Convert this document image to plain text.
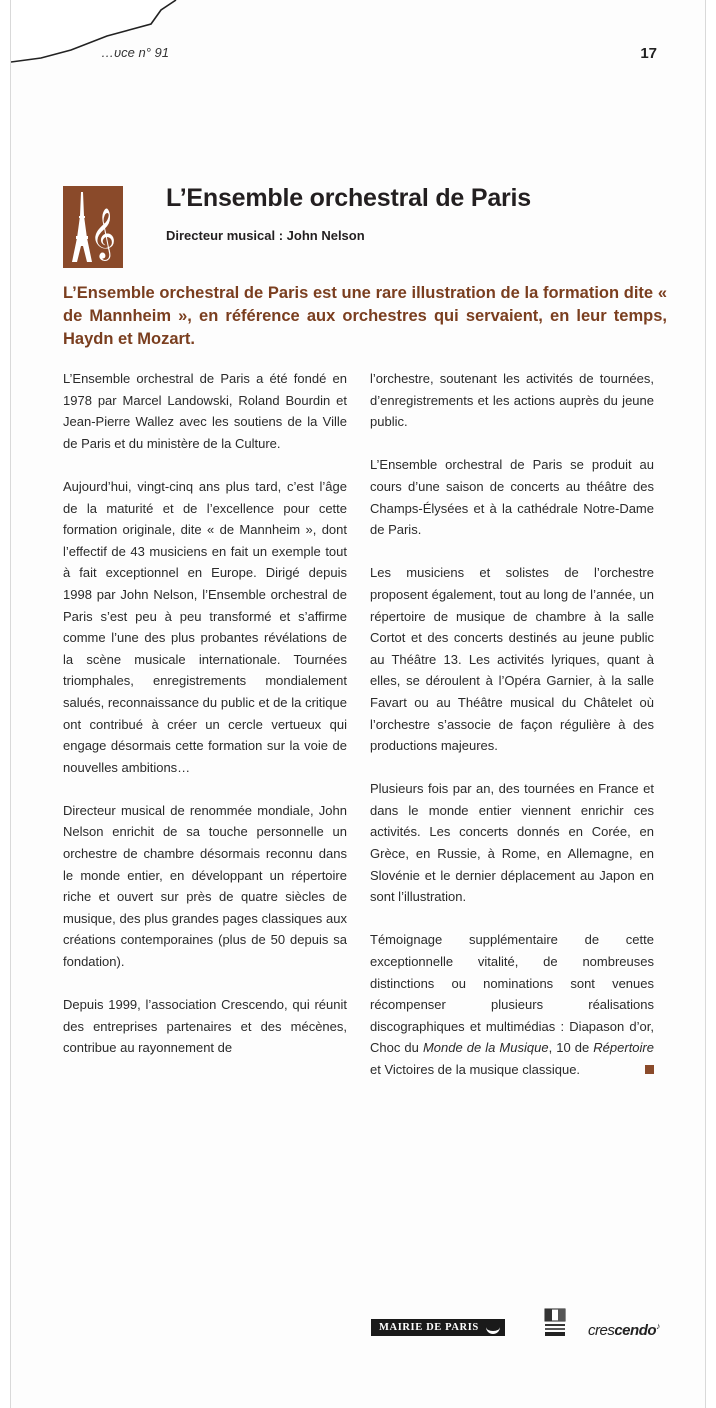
…ᴜᴄe n° 91	17
𝄞
L’Ensemble orchestral de Paris
Directeur musical : John Nelson
L’Ensemble orchestral de Paris est une rare illustration de la formation dite « de Mannheim », en référence aux orchestres qui servaient, en leur temps, Haydn et Mozart.

L’Ensemble orchestral de Paris a été fondé en 1978 par Marcel Landowski, Roland Bourdin et Jean-Pierre Wallez avec les soutiens de la Ville de Paris et du ministère de la Culture.

Aujourd’hui, vingt-cinq ans plus tard, c’est l’âge de la maturité et de l’excellence pour cette formation originale, dite « de Mannheim », dont l’effectif de 43 musiciens en fait un exemple tout à fait exceptionnel en Europe. Dirigé depuis 1998 par John Nelson, l’Ensemble orchestral de Paris s’est peu à peu transformé et s’affirme comme l’une des plus probantes révélations de la scène musicale internationale. Tournées triomphales, enregistrements mondialement salués, reconnaissance du public et de la critique ont contribué à créer un cercle vertueux qui engage désormais cette formation sur la voie de nouvelles ambitions…

Directeur musical de renommée mondiale, John Nelson enrichit de sa touche personnelle un orchestre de chambre désormais reconnu dans le monde entier, en développant un répertoire riche et ouvert sur près de quatre siècles de musique, des plus grandes pages classiques aux créations contemporaines (plus de 50 depuis sa fondation).

Depuis 1999, l’association Crescendo, qui réunit des entreprises partenaires et des mécènes, contribue au rayonnement de

l’orchestre, soutenant les activités de tournées, d’enregistrements et les actions auprès du jeune public.

L’Ensemble orchestral de Paris se produit au cours d’une saison de concerts au théâtre des Champs-Élysées et à la cathédrale Notre-Dame de Paris.

Les musiciens et solistes de l’orchestre proposent également, tout au long de l’année, un répertoire de musique de chambre à la salle Cortot et des concerts destinés au jeune public au Théâtre 13. Les activités lyriques, quant à elles, se déroulent à l’Opéra Garnier, à la salle Favart ou au Théâtre musical du Châtelet où l’orchestre s’associe de façon régulière à des productions majeures.

Plusieurs fois par an, des tournées en France et dans le monde entier viennent enrichir ces activités. Les concerts donnés en Corée, en Grèce, en Russie, à Rome, en Allemagne, en Slovénie et le dernier déplacement au Japon en sont l’illustration.

Témoignage supplémentaire de cette exceptionnelle vitalité, de nombreuses distinctions ou nominations sont venues récompenser plusieurs réalisations discographiques et multimédias : Diapason d’or, Choc du Monde de la Musique, 10 de Répertoire et Victoires de la musique classique.

MAIRIE DE PARIS	crescendo♪
